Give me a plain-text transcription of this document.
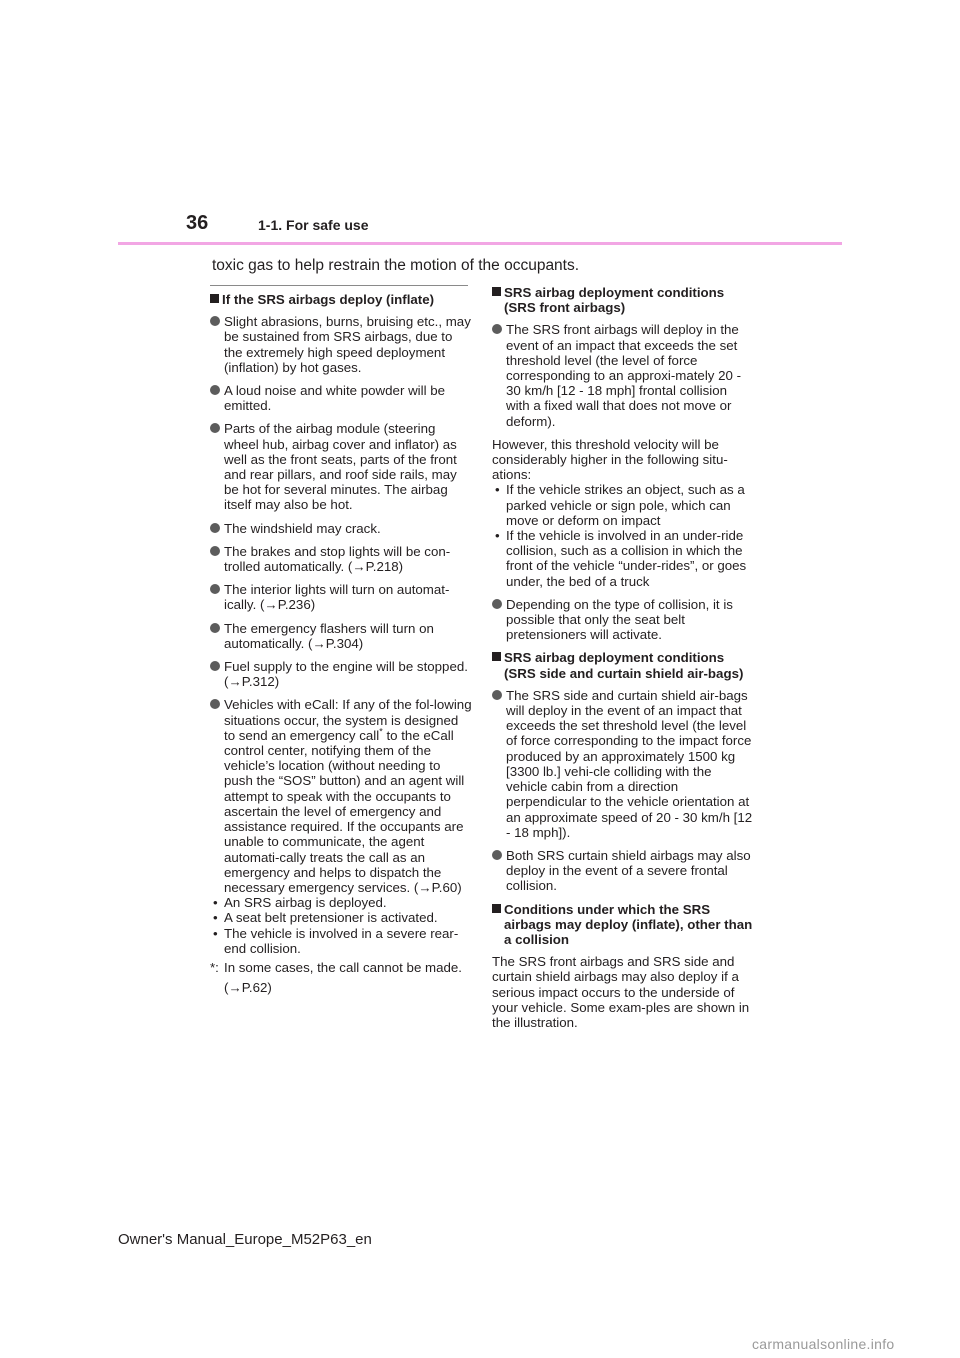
36	1-1. For safe use
toxic gas to help restrain the motion of the occupants.
If the SRS airbags deploy (inflate)
Slight abrasions, burns, bruising etc., may be sustained from SRS airbags, due to the extremely high speed deployment (inflation) by hot gases.
A loud noise and white powder will be emitted.
Parts of the airbag module (steering wheel hub, airbag cover and inflator) as well as the front seats, parts of the front and rear pillars, and roof side rails, may be hot for several minutes. The airbag itself may also be hot.
The windshield may crack.
The brakes and stop lights will be con-trolled automatically. (→P.218)
The interior lights will turn on automat-ically. (→P.236)
The emergency flashers will turn on automatically. (→P.304)
Fuel supply to the engine will be stopped. (→P.312)
Vehicles with eCall: If any of the fol-lowing situations occur, the system is designed to send an emergency call* to the eCall control center, notifying them of the vehicle’s location (without needing to push the “SOS” button) and an agent will attempt to speak with the occupants to ascertain the level of emergency and assistance required. If the occupants are unable to communicate, the agent automati-cally treats the call as an emergency and helps to dispatch the necessary emergency services. (→P.60)
• An SRS airbag is deployed.
• A seat belt pretensioner is activated.
• The vehicle is involved in a severe rear-end collision.
*: In some cases, the call cannot be made. (→P.62)
SRS airbag deployment conditions (SRS front airbags)
The SRS front airbags will deploy in the event of an impact that exceeds the set threshold level (the level of force corresponding to an approxi-mately 20 - 30 km/h [12 - 18 mph] frontal collision with a fixed wall that does not move or deform).
However, this threshold velocity will be considerably higher in the following situ-ations:
• If the vehicle strikes an object, such as a parked vehicle or sign pole, which can move or deform on impact
• If the vehicle is involved in an under-ride collision, such as a collision in which the front of the vehicle “under-rides”, or goes under, the bed of a truck
Depending on the type of collision, it is possible that only the seat belt pretensioners will activate.
SRS airbag deployment conditions (SRS side and curtain shield air-bags)
The SRS side and curtain shield air-bags will deploy in the event of an impact that exceeds the set threshold level (the level of force corresponding to the impact force produced by an approximately 1500 kg [3300 lb.] vehi-cle colliding with the vehicle cabin from a direction perpendicular to the vehicle orientation at an approximate speed of 20 - 30 km/h [12 - 18 mph]).
Both SRS curtain shield airbags may also deploy in the event of a severe frontal collision.
Conditions under which the SRS airbags may deploy (inflate), other than a collision
The SRS front airbags and SRS side and curtain shield airbags may also deploy if a serious impact occurs to the underside of your vehicle. Some exam-ples are shown in the illustration.
Owner's Manual_Europe_M52P63_en
carmanualsonline.info
